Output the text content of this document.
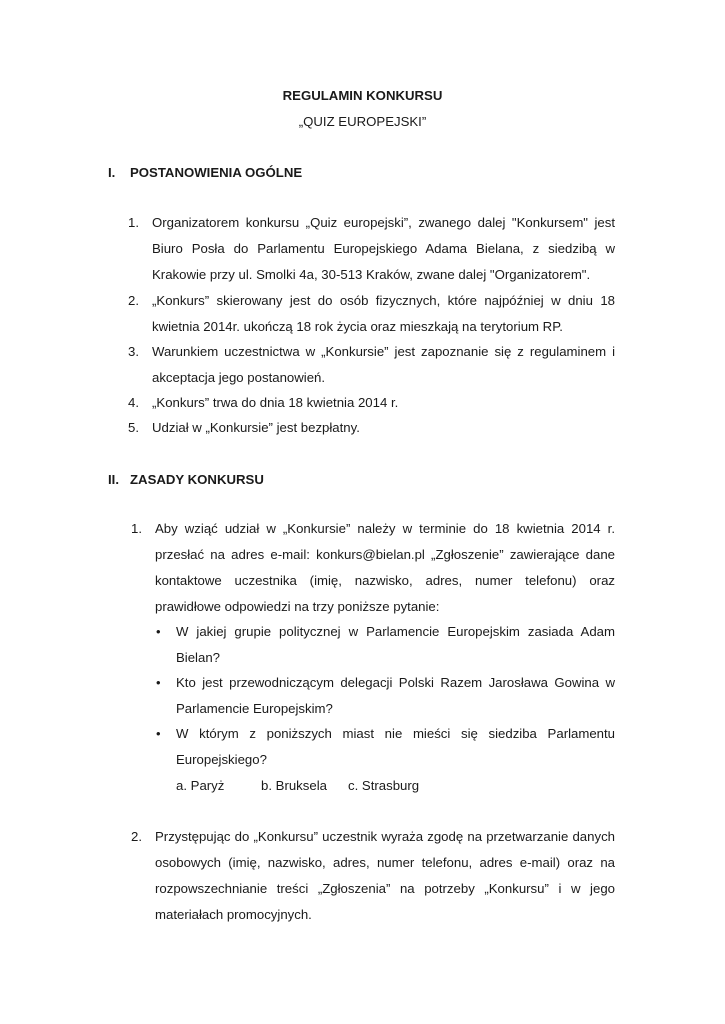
REGULAMIN KONKURSU
„QUIZ EUROPEJSKI”
I. POSTANOWIENIA OGÓLNE
1. Organizatorem konkursu „Quiz europejski”, zwanego dalej "Konkursem" jest Biuro Posła do Parlamentu Europejskiego Adama Bielana, z siedzibą w Krakowie przy ul. Smolki 4a, 30-513 Kraków, zwane dalej "Organizatorem".

2. „Konkurs” skierowany jest do osób fizycznych, które najpóźniej w dniu 18 kwietnia 2014r. ukończą 18 rok życia oraz mieszkają na terytorium RP.

3. Warunkiem uczestnictwa w „Konkursie” jest zapoznanie się z regulaminem i akceptacja jego postanowień.

4. „Konkurs” trwa do dnia 18 kwietnia 2014 r.

5. Udział w „Konkursie” jest bezpłatny.

II. ZASADY KONKURSU
1. Aby wziąć udział w „Konkursie” należy w terminie do 18 kwietnia 2014 r. przesłać na adres e-mail: konkurs@bielan.pl „Zgłoszenie” zawierające dane kontaktowe uczestnika (imię, nazwisko, adres, numer telefonu) oraz prawidłowe odpowiedzi na trzy poniższe pytanie:

• W jakiej grupie politycznej w Parlamencie Europejskim zasiada Adam Bielan?

• Kto jest przewodniczącym delegacji Polski Razem Jarosława Gowina w Parlamencie Europejskim?

• W którym z poniższych miast nie mieści się siedziba Parlamentu Europejskiego?

a. Paryż	b. Bruksela c. Strasburg
2. Przystępując do „Konkursu” uczestnik wyraża zgodę na przetwarzanie danych osobowych (imię, nazwisko, adres, numer telefonu, adres e-mail) oraz na rozpowszechnianie treści „Zgłoszenia” na potrzeby „Konkursu” i w jego materiałach promocyjnych.
